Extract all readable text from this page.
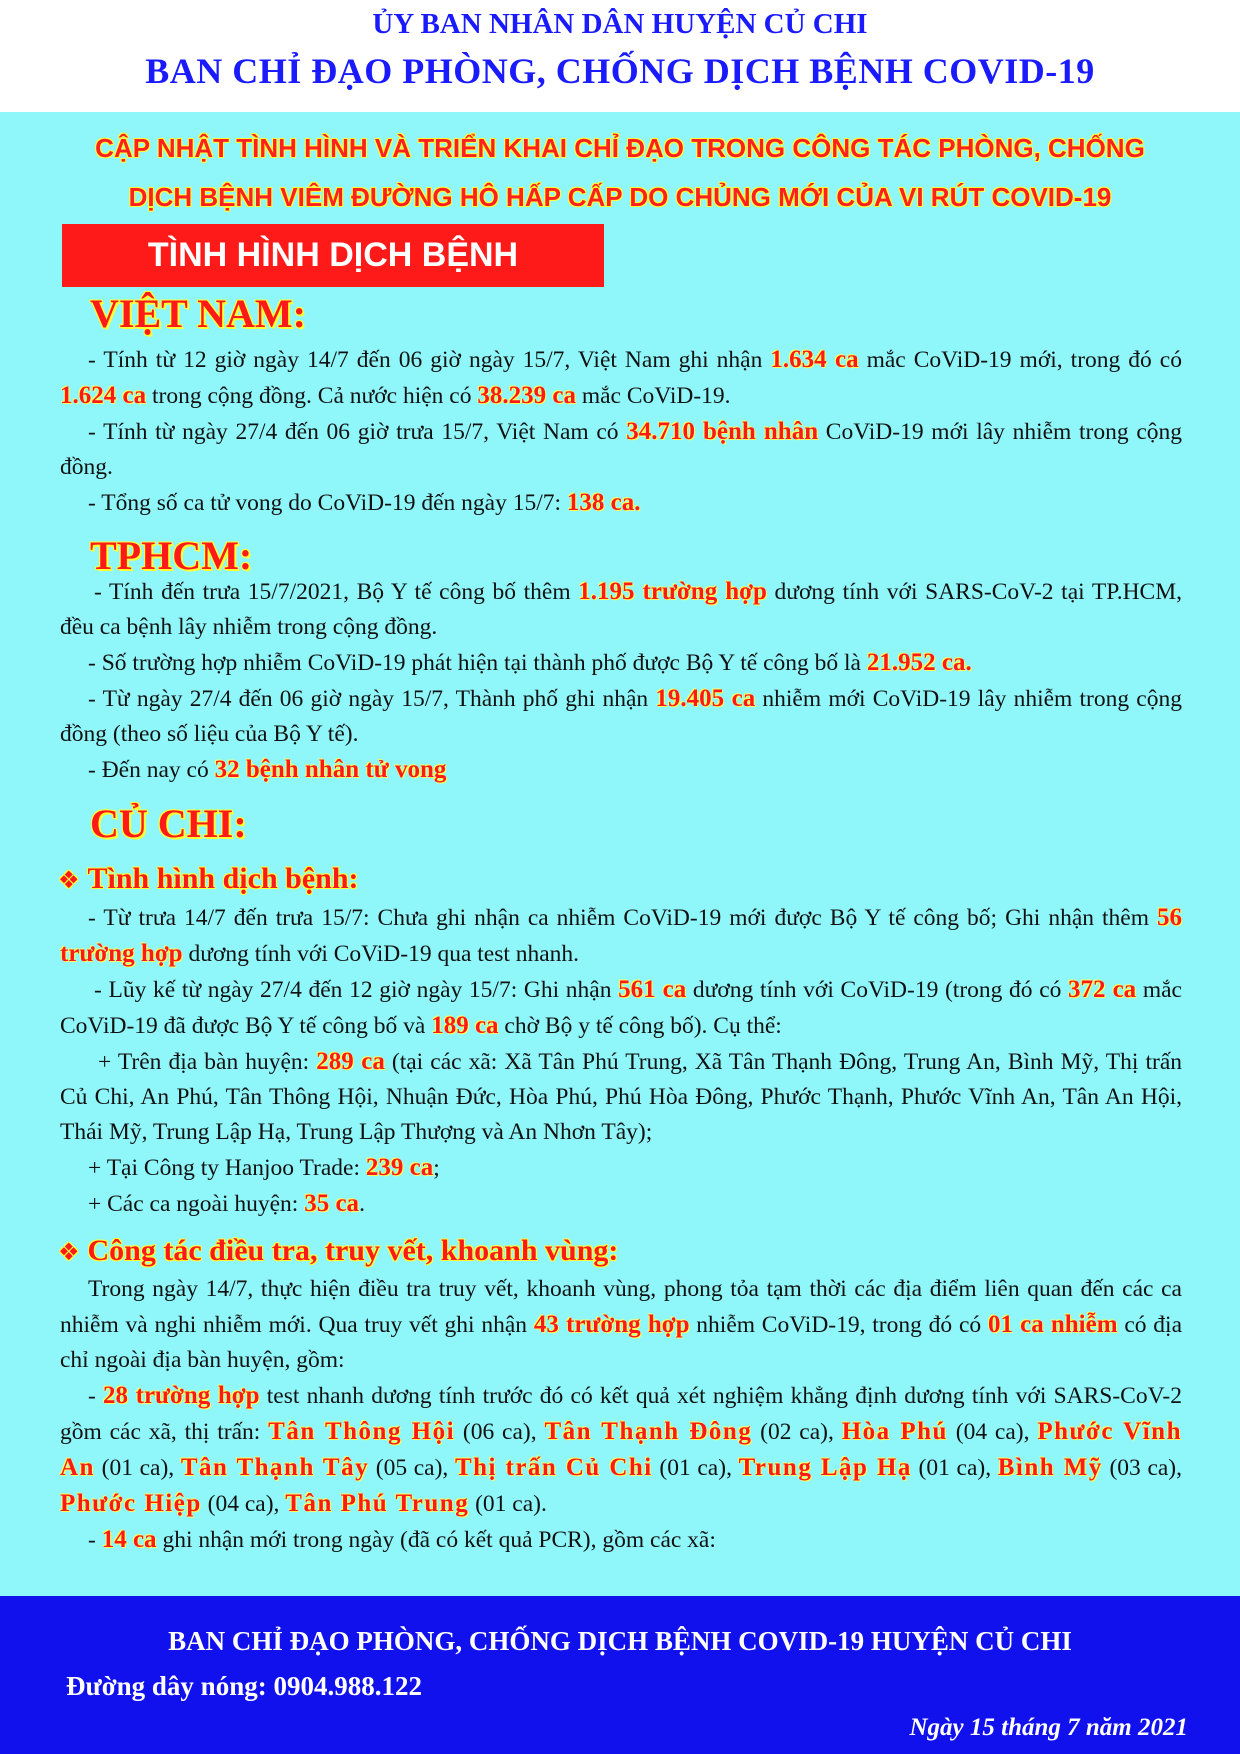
ỦY BAN NHÂN DÂN HUYỆN CỦ CHI
BAN CHỈ ĐẠO PHÒNG, CHỐNG DỊCH BỆNH COVID-19
CẬP NHẬT TÌNH HÌNH VÀ TRIỂN KHAI CHỈ ĐẠO TRONG CÔNG TÁC PHÒNG, CHỐNG
DỊCH BỆNH VIÊM ĐƯỜNG HÔ HẤP CẤP DO CHỦNG MỚI CỦA VI RÚT COVID-19
TÌNH HÌNH DỊCH BỆNH
VIỆT NAM:

- Tính từ 12 giờ ngày 14/7 đến 06 giờ ngày 15/7, Việt Nam ghi nhận 1.634 ca mắc CoViD-19 mới, trong đó có 1.624 ca trong cộng đồng. Cả nước hiện có 38.239 ca mắc CoViD-19.

- Tính từ ngày 27/4 đến 06 giờ trưa 15/7, Việt Nam có 34.710 bệnh nhân CoViD-19 mới lây nhiễm trong cộng đồng.

- Tổng số ca tử vong do CoViD-19 đến ngày 15/7: 138 ca.

TPHCM:

- Tính đến trưa 15/7/2021, Bộ Y tế công bố thêm 1.195 trường hợp dương tính với SARS-CoV-2 tại TP.HCM, đều ca bệnh lây nhiễm trong cộng đồng.

- Số trường hợp nhiễm CoViD-19 phát hiện tại thành phố được Bộ Y tế công bố là 21.952 ca.

- Từ ngày 27/4 đến 06 giờ ngày 15/7, Thành phố ghi nhận 19.405 ca nhiễm mới CoViD-19 lây nhiễm trong cộng đồng (theo số liệu của Bộ Y tế).

- Đến nay có 32 bệnh nhân tử vong

CỦ CHI:
❖ Tình hình dịch bệnh:

- Từ trưa 14/7 đến trưa 15/7: Chưa ghi nhận ca nhiễm CoViD-19 mới được Bộ Y tế công bố; Ghi nhận thêm 56 trường hợp dương tính với CoViD-19 qua test nhanh.

- Lũy kế từ ngày 27/4 đến 12 giờ ngày 15/7: Ghi nhận 561 ca dương tính với CoViD-19 (trong đó có 372 ca mắc CoViD-19 đã được Bộ Y tế công bố và 189 ca chờ Bộ y tế công bố). Cụ thể:

+ Trên địa bàn huyện: 289 ca (tại các xã: Xã Tân Phú Trung, Xã Tân Thạnh Đông, Trung An, Bình Mỹ, Thị trấn Củ Chi, An Phú, Tân Thông Hội, Nhuận Đức, Hòa Phú, Phú Hòa Đông, Phước Thạnh, Phước Vĩnh An, Tân An Hội, Thái Mỹ, Trung Lập Hạ, Trung Lập Thượng và An Nhơn Tây);

+ Tại Công ty Hanjoo Trade: 239 ca;

+ Các ca ngoài huyện: 35 ca.

❖ Công tác điều tra, truy vết, khoanh vùng:

Trong ngày 14/7, thực hiện điều tra truy vết, khoanh vùng, phong tỏa tạm thời các địa điểm liên quan đến các ca nhiễm và nghi nhiễm mới. Qua truy vết ghi nhận 43 trường hợp nhiễm CoViD-19, trong đó có 01 ca nhiễm có địa chỉ ngoài địa bàn huyện, gồm:

- 28 trường hợp test nhanh dương tính trước đó có kết quả xét nghiệm khẳng định dương tính với SARS-CoV-2 gồm các xã, thị trấn: Tân Thông Hội (06 ca), Tân Thạnh Đông (02 ca), Hòa Phú (04 ca), Phước Vĩnh An (01 ca), Tân Thạnh Tây (05 ca), Thị trấn Củ Chi (01 ca), Trung Lập Hạ (01 ca), Bình Mỹ (03 ca), Phước Hiệp (04 ca), Tân Phú Trung (01 ca).

- 14 ca ghi nhận mới trong ngày (đã có kết quả PCR), gồm các xã:

BAN CHỈ ĐẠO PHÒNG, CHỐNG DỊCH BỆNH COVID-19 HUYỆN CỦ CHI
Đường dây nóng: 0904.988.122
Ngày 15 tháng 7 năm 2021
